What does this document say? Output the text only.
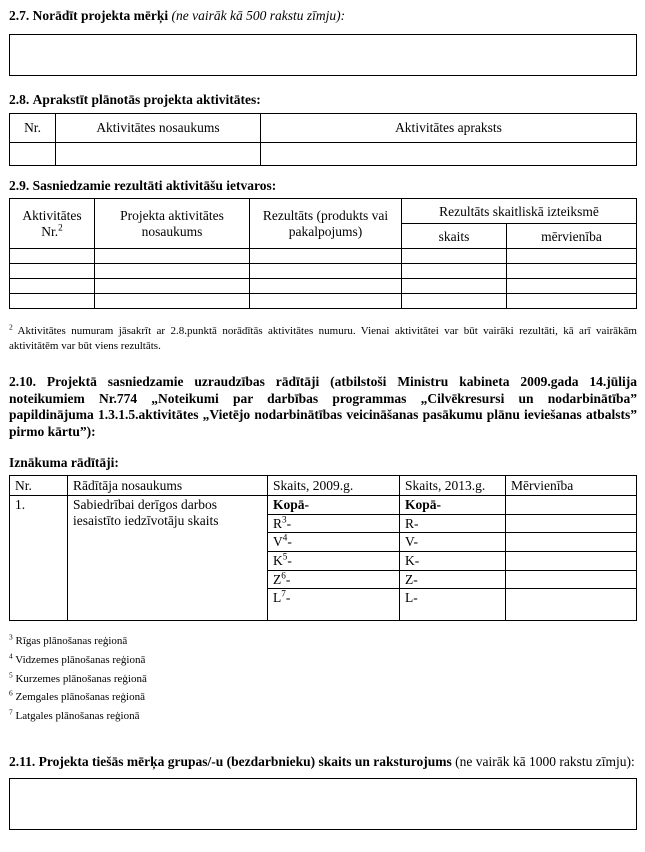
2.7. Norādīt projekta mērķi (ne vairāk kā 500 rakstu zīmju):

2.8. Aprakstīt plānotās projekta aktivitātes:

Nr.	Aktivitātes nosaukums	Aktivitātes apraksts

2.9. Sasniedzamie rezultāti aktivitāšu ietvaros:

Aktivitātes Nr.$^2$	Projekta aktivitātes nosaukums	Rezultāts (produkts vai pakalpojums)	Rezultāts skaitliskā izteiksmē	
			skaits	mērvienība

$^2$ Aktivitātes numuram jāsakrīt ar 2.8.punktā norādītās aktivitātes numuru. Vienai aktivitātei var būt vairāki rezultāti, kā arī vairākām aktivitātēm var būt viens rezultāts.

2.10. Projektā sasniedzamie uzraudzības rādītāji (atbilstoši Ministru kabineta 2009.gada 14.jūlija noteikumiem Nr.774 „Noteikumi par darbības programmas „Cilvēkresursi un nodarbinātība” papildinājuma 1.3.1.5.aktivitātes „Vietējo nodarbinātības veicināšanas pasākumu plānu ieviešanas atbalsts” pirmo kārtu”):

Iznākuma rādītāji:

Nr.	Rādītāja nosaukums	Skaits, 2009.g.	Skaits, 2013.g.	Mērvienība
1.	Sabiedrībai derīgos darbos iesaistīto iedzīvotāju skaits	Kopā-	Kopā-	
		$R^3-$	R-	
		$V^4-$	V-	
		$K^5-$	K-	
		$Z^6-$	Z-	
		$L^7-$	L-	

$^3$ Rīgas plānošanas reģionā

$^4$ Vidzemes plānošanas reģionā

$^5$ Kurzemes plānošanas reģionā

$^6$ Zemgales plānošanas reģionā

$^7$ Latgales plānošanas reģionā

2.11. Projekta tiešās mērķa grupas/-u (bezdarbnieku) skaits un raksturojums (ne vairāk kā 1000 rakstu zīmju):
